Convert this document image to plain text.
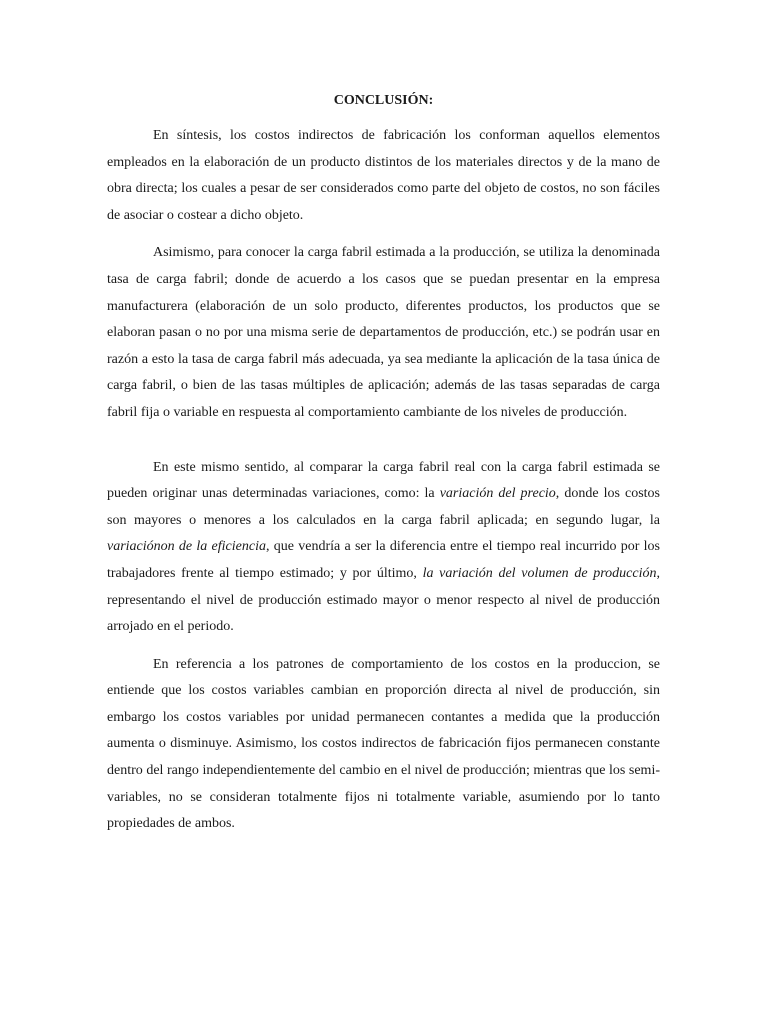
CONCLUSIÓN:

En síntesis, los costos indirectos de fabricación los conforman aquellos elementos empleados en la elaboración de un producto distintos de los materiales directos y de la mano de obra directa; los cuales a pesar de ser considerados como parte del objeto de costos, no son fáciles de asociar o costear a dicho objeto.

Asimismo, para conocer la carga fabril estimada a la producción, se utiliza la denominada tasa de carga fabril; donde de acuerdo a los casos que se puedan presentar en la empresa manufacturera (elaboración de un solo producto, diferentes productos, los productos que se elaboran pasan o no por una misma serie de departamentos de producción, etc.) se podrán usar en razón a esto la tasa de carga fabril más adecuada, ya sea mediante la aplicación de la tasa única de carga fabril, o bien de las tasas múltiples de aplicación; además de las tasas separadas de carga fabril fija o variable en respuesta al comportamiento cambiante de los niveles de producción.

En este mismo sentido, al comparar la carga fabril real con la carga fabril estimada se pueden originar unas determinadas variaciones, como: la variación del precio, donde los costos son mayores o menores a los calculados en la carga fabril aplicada; en segundo lugar, la variaciónon de la eficiencia, que vendría a ser la diferencia entre el tiempo real incurrido por los trabajadores frente al tiempo estimado; y por último, la variación del volumen de producción, representando el nivel de producción estimado mayor o menor respecto al nivel de producción arrojado en el periodo.

En referencia a los patrones de comportamiento de los costos en la produccion, se entiende que los costos variables cambian en proporción directa al nivel de producción, sin embargo los costos variables por unidad permanecen contantes a medida que la producción aumenta o disminuye. Asimismo, los costos indirectos de fabricación fijos permanecen constante dentro del rango independientemente del cambio en el nivel de producción; mientras que los semi-variables, no se consideran totalmente fijos ni totalmente variable, asumiendo por lo tanto propiedades de ambos.
